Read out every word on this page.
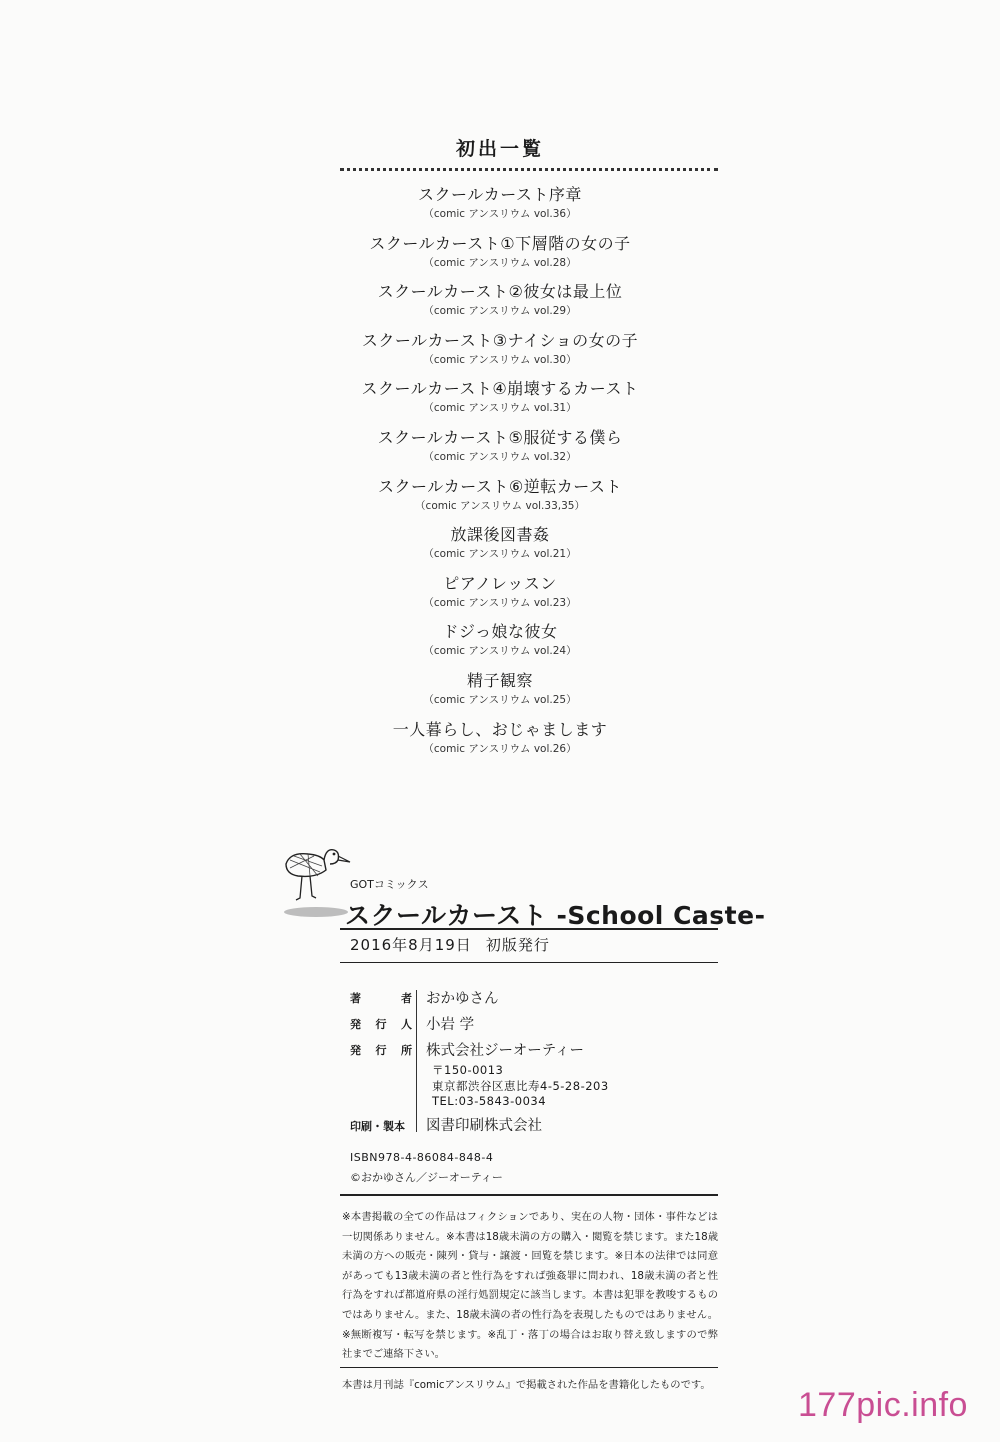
初出一覧
スクールカースト序章
（comic アンスリウム vol.36）
スクールカースト①下層階の女の子
（comic アンスリウム vol.28）
スクールカースト②彼女は最上位
（comic アンスリウム vol.29）
スクールカースト③ナイショの女の子
（comic アンスリウム vol.30）
スクールカースト④崩壊するカースト
（comic アンスリウム vol.31）
スクールカースト⑤服従する僕ら
（comic アンスリウム vol.32）
スクールカースト⑥逆転カースト
（comic アンスリウム vol.33,35）
放課後図書姦
（comic アンスリウム vol.21）
ピアノレッスン
（comic アンスリウム vol.23）
ドジっ娘な彼女
（comic アンスリウム vol.24）
精子観察
（comic アンスリウム vol.25）
一人暮らし、おじゃまします
（comic アンスリウム vol.26）
GOTコミックス
スクールカースト -School Caste-
2016年8月19日 初版発行
著	者 おかゆさん
発 行 人 小岩 学
発 行 所 株式会社ジーオーティー
〒150-0013
東京都渋谷区恵比寿4-5-28-203
TEL:03-5843-0034
印刷・製本 図書印刷株式会社
ISBN978-4-86084-848-4
©おかゆさん／ジーオーティー

※本書掲載の全ての作品はフィクションであり、実在の人物・団体・事件などは一切関係ありません。※本書は18歳未満の方の購入・閲覧を禁じます。また18歳未満の方への販売・陳列・貸与・譲渡・回覧を禁じます。※日本の法律では同意があっても13歳未満の者と性行為をすれば強姦罪に問われ、18歳未満の者と性行為をすれば都道府県の淫行処罰規定に該当します。本書は犯罪を教唆するものではありません。また、18歳未満の者の性行為を表現したものではありません。※無断複写・転写を禁じます。※乱丁・落丁の場合はお取り替え致しますので弊社までご連絡下さい。

本書は月刊誌『comicアンスリウム』で掲載された作品を書籍化したものです。
177pic.info
